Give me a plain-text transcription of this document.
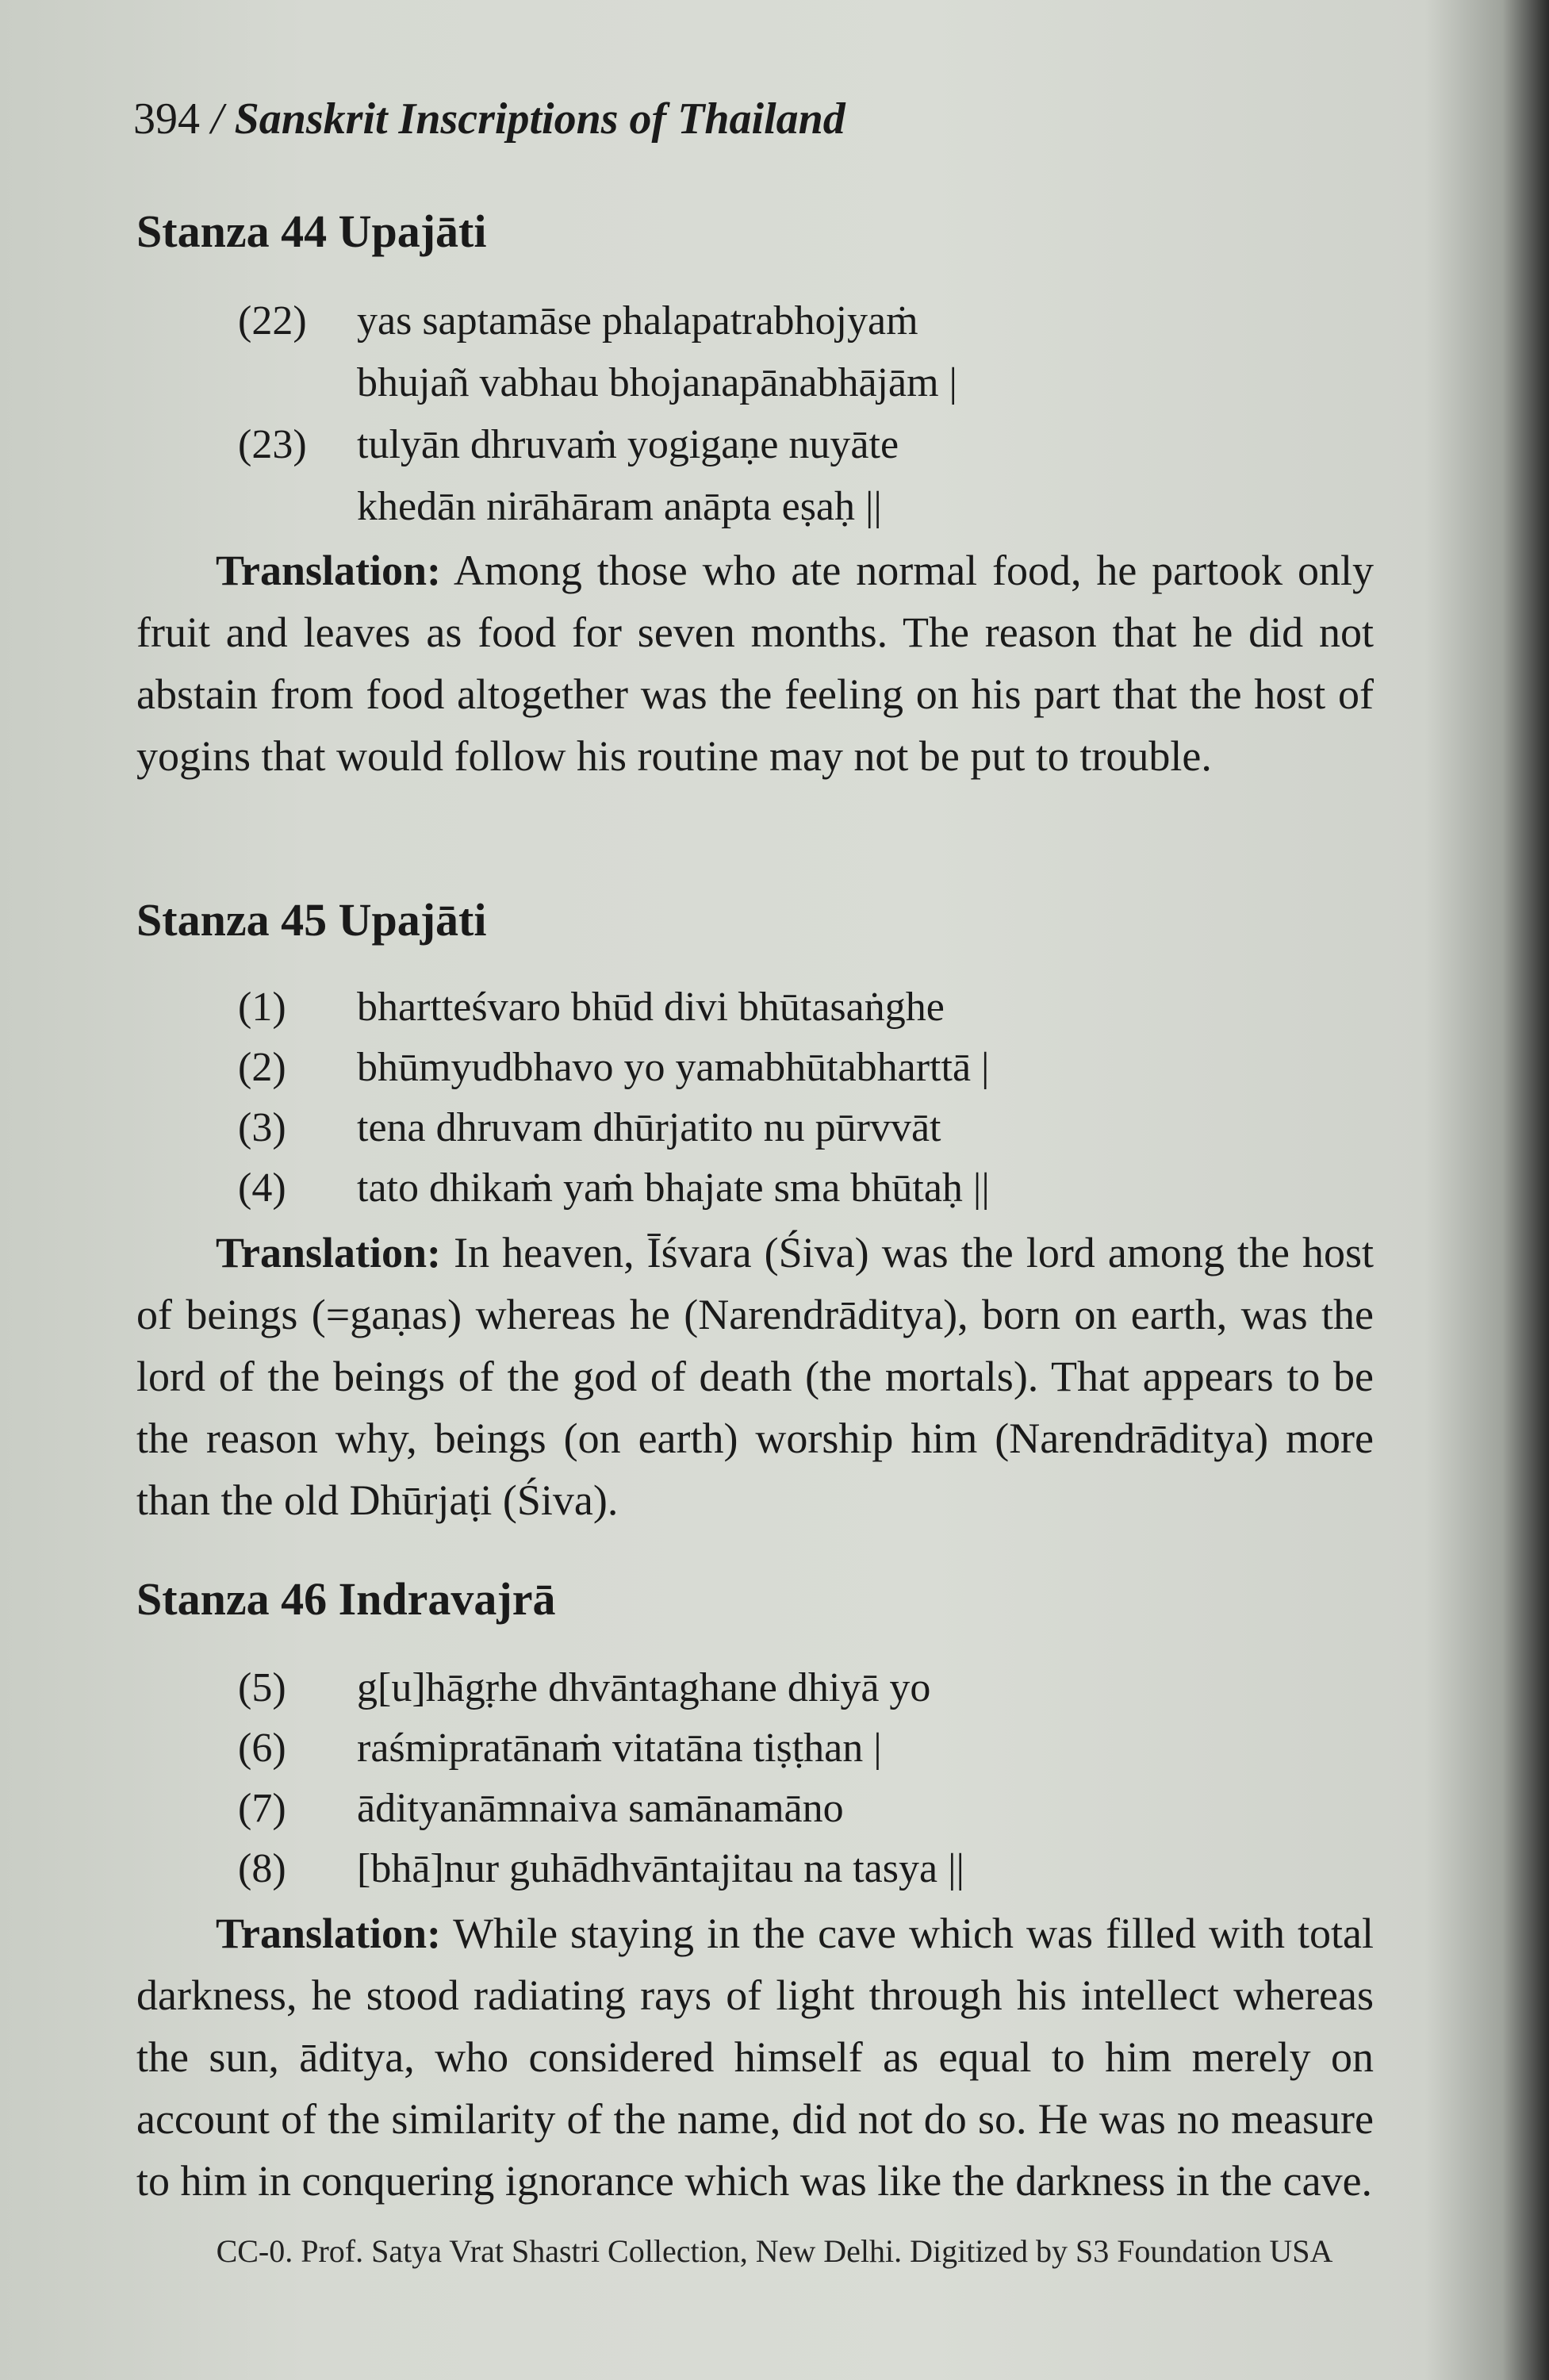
394 / Sanskrit Inscriptions of Thailand
Stanza 44 Upajāti
(22) yas saptamāse phalapatrabhojyaṁ
bhujañ vabhau bhojanapānabhājām |
(23) tulyān dhruvaṁ yogigaṇe nuyāte
khedān nirāhāram anāpta eṣaḥ ||
Translation: Among those who ate normal food, he partook only fruit and leaves as food for seven months. The reason that he did not abstain from food altogether was the feeling on his part that the host of yogins that would follow his routine may not be put to trouble.
Stanza 45 Upajāti
(1) bhartteśvaro bhūd divi bhūtasaṅghe
(2) bhūmyudbhavo yo yamabhūtabharttā |
(3) tena dhruvam dhūrjatito nu pūrvvāt
(4) tato dhikaṁ yaṁ bhajate sma bhūtaḥ ||
Translation: In heaven, Īśvara (Śiva) was the lord among the host of beings (=gaṇas) whereas he (Narendrāditya), born on earth, was the lord of the beings of the god of death (the mortals). That appears to be the reason why, beings (on earth) worship him (Narendrāditya) more than the old Dhūrjaṭi (Śiva).
Stanza 46 Indravajrā
(5) g[u]hāgṛhe dhvāntaghane dhiyā yo
(6) raśmipratānaṁ vitatāna tiṣṭhan |
(7) ādityanāmnaiva samānamāno
(8) [bhā]nur guhādhvāntajitau na tasya ||
Translation: While staying in the cave which was filled with total darkness, he stood radiating rays of light through his intellect whereas the sun, āditya, who considered himself as equal to him merely on account of the similarity of the name, did not do so. He was no measure to him in conquering ignorance which was like the darkness in the cave.
CC-0. Prof. Satya Vrat Shastri Collection, New Delhi. Digitized by S3 Foundation USA
